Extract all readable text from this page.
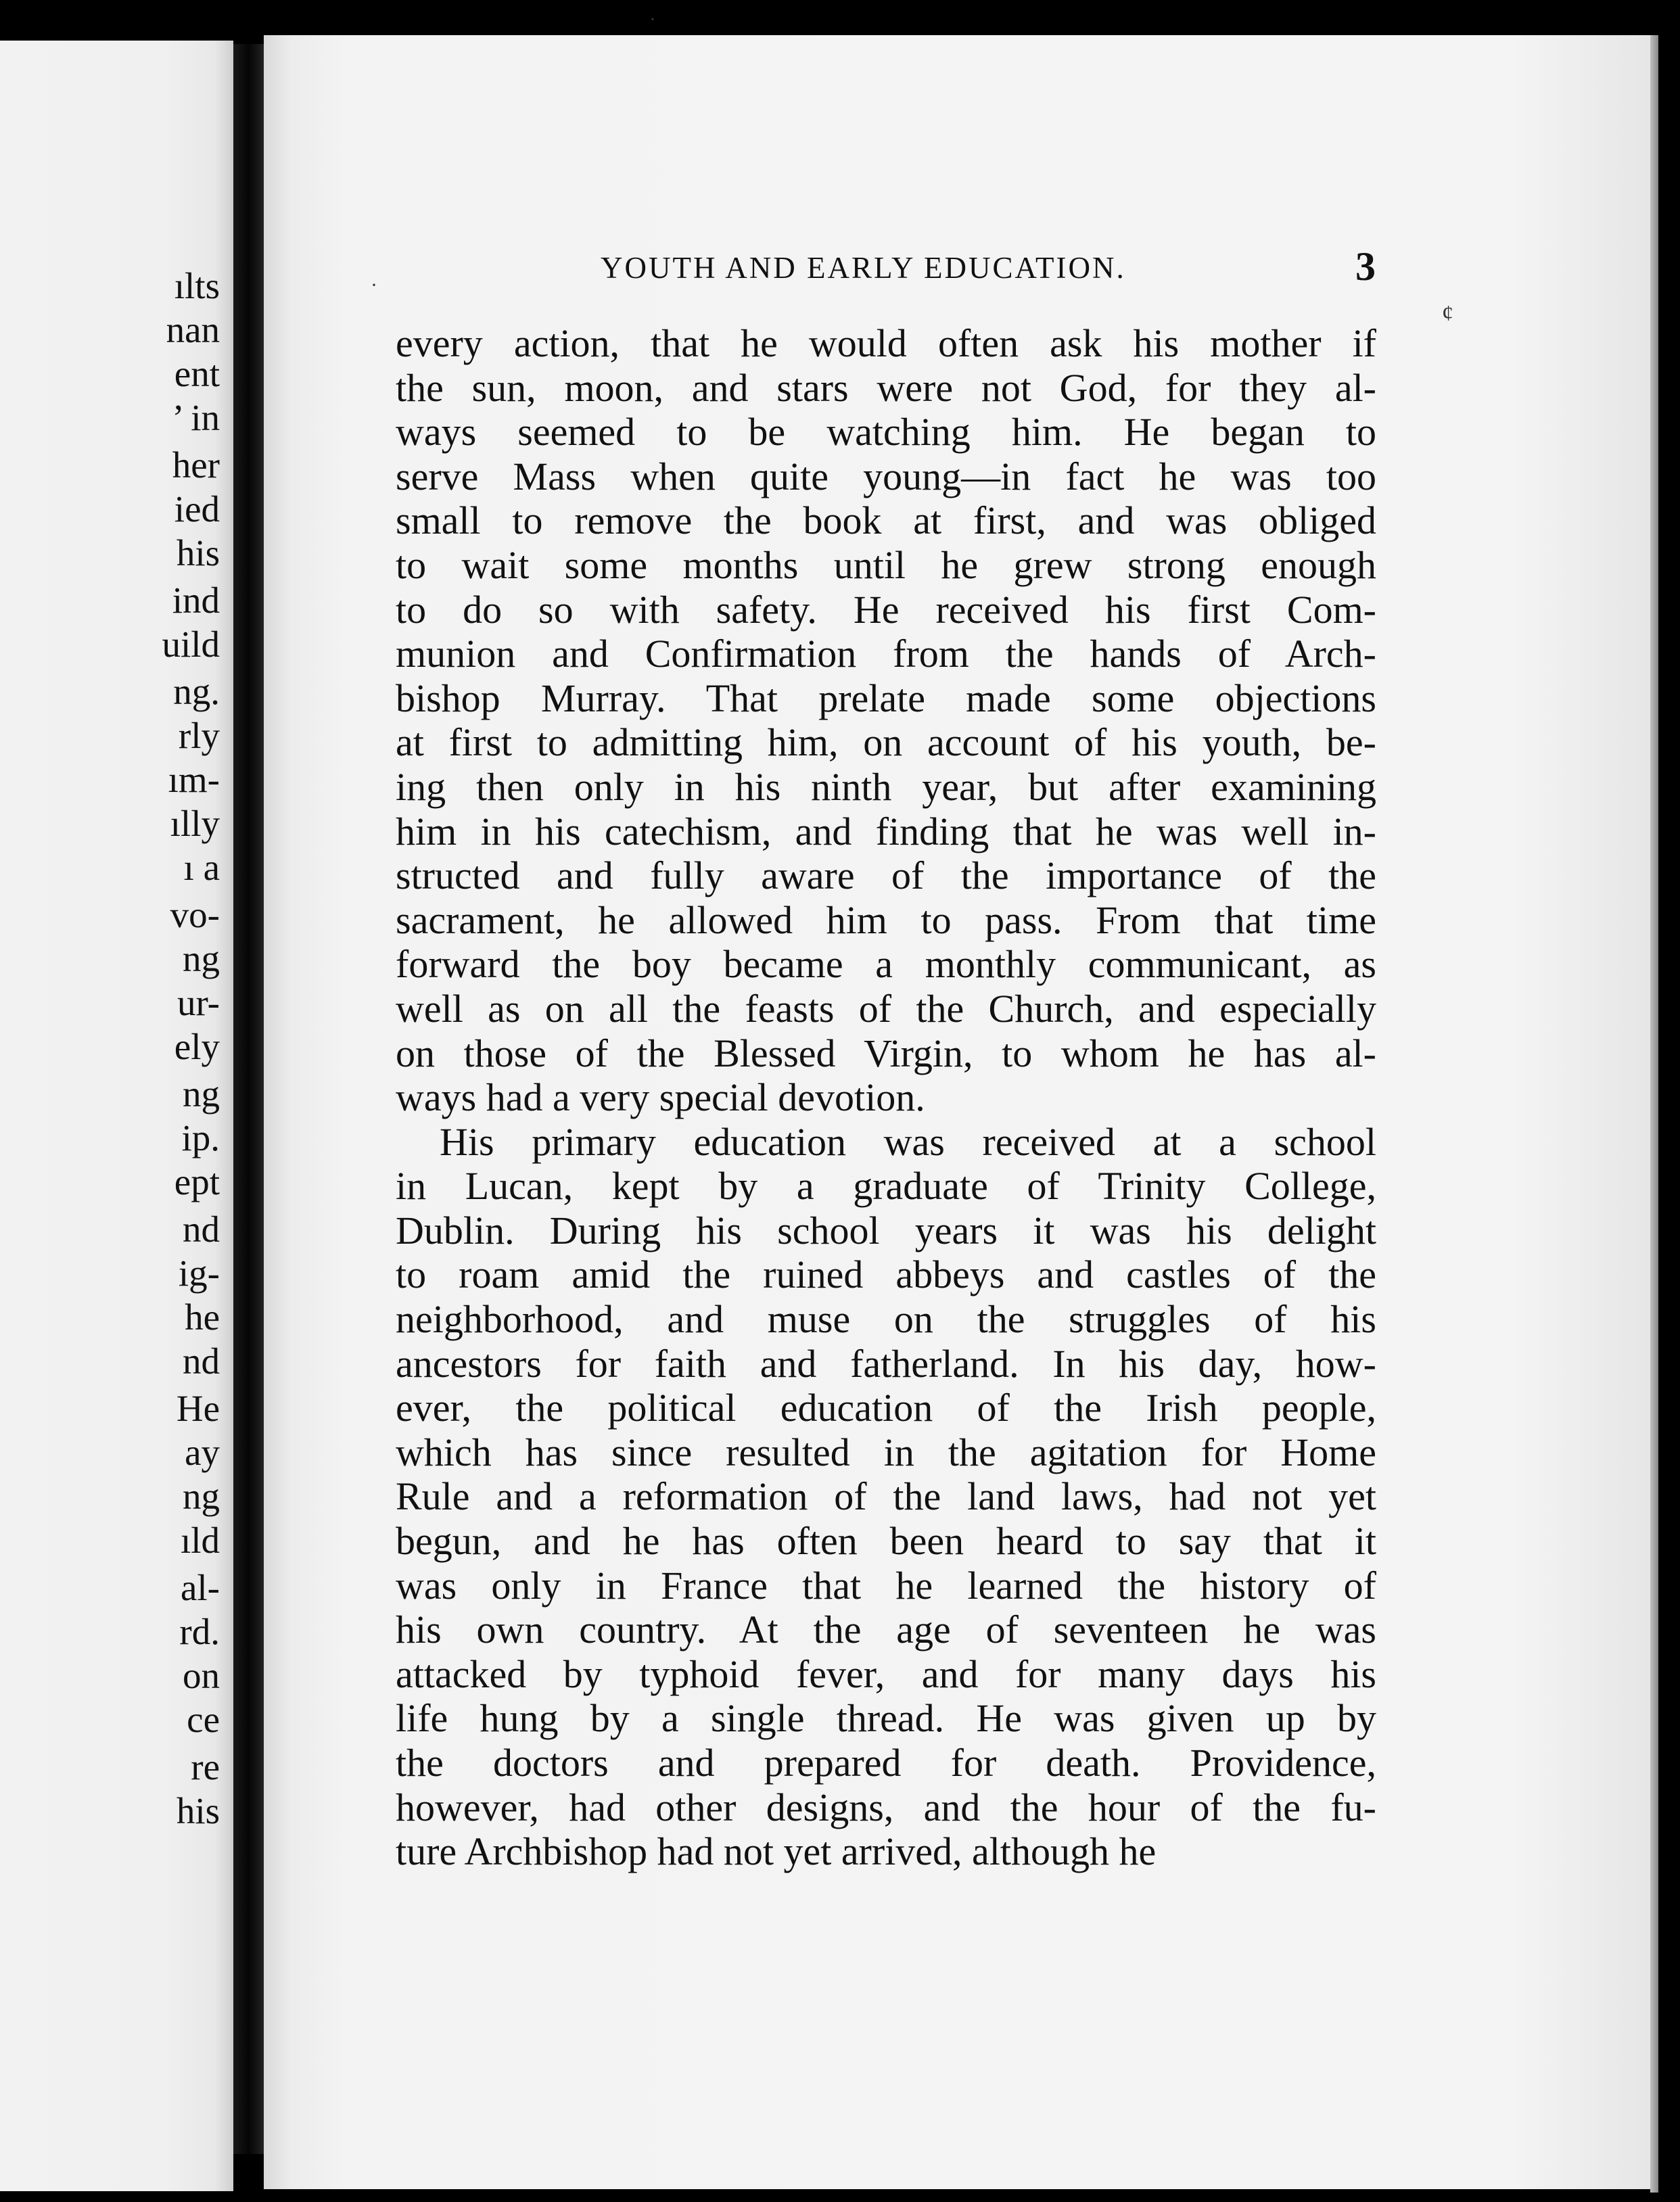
ılts
nan
ent
’ in
her
ied
his
ind
uild
ng.
rly
ım-
ılly
ı a
vo-
ng
ur-
ely
ng
ip.
ept
nd
ig-
he
nd
He
ay
ng
ıld
al-
rd.
on
ce
re
his
YOUTH AND EARLY EDUCATION.	3
·
·
¢
every action, that he would often ask his mother if
the sun, moon, and stars were not God, for they al-
ways seemed to be watching him. He began to
serve Mass when quite young—in fact he was too
small to remove the book at first, and was obliged
to wait some months until he grew strong enough
to do so with safety. He received his first Com-
munion and Confirmation from the hands of Arch-
bishop Murray. That prelate made some objections
at first to admitting him, on account of his youth, be-
ing then only in his ninth year, but after examining
him in his catechism, and finding that he was well in-
structed and fully aware of the importance of the
sacrament, he allowed him to pass. From that time
forward the boy became a monthly communicant, as
well as on all the feasts of the Church, and especially
on those of the Blessed Virgin, to whom he has al-
ways had a very special devotion.
His primary education was received at a school
in Lucan, kept by a graduate of Trinity College,
Dublin. During his school years it was his delight
to roam amid the ruined abbeys and castles of the
neighborhood, and muse on the struggles of his
ancestors for faith and fatherland. In his day, how-
ever, the political education of the Irish people,
which has since resulted in the agitation for Home
Rule and a reformation of the land laws, had not yet
begun, and he has often been heard to say that it
was only in France that he learned the history of
his own country. At the age of seventeen he was
attacked by typhoid fever, and for many days his
life hung by a single thread. He was given up by
the doctors and prepared for death. Providence,
however, had other designs, and the hour of the fu-
ture Archbishop had not yet arrived, although he
